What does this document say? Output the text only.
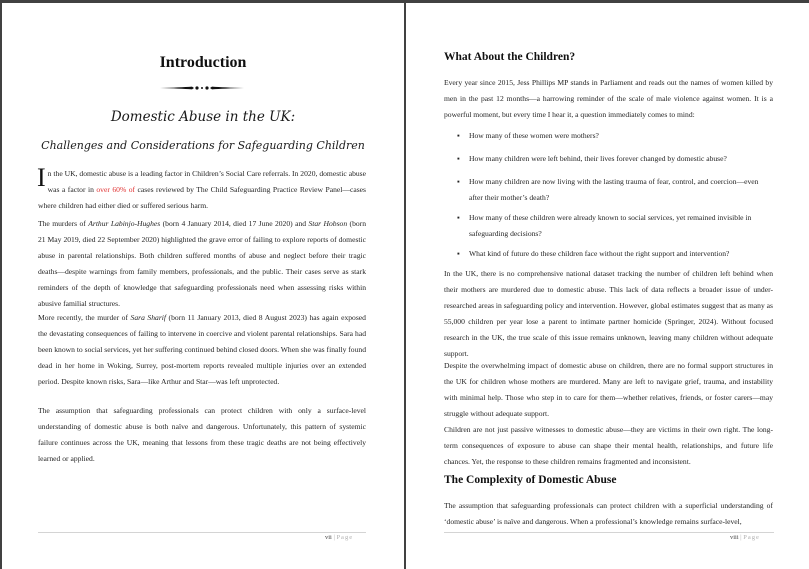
Introduction
Domestic Abuse in the UK:
Challenges and Considerations for Safeguarding Children
In the UK, domestic abuse is a leading factor in Children’s Social Care referrals. In 2020, domestic abuse was a factor in over 60% of cases reviewed by The Child Safeguarding Practice Review Panel—cases where children had either died or suffered serious harm.
The murders of Arthur Labinjo-Hughes (born 4 January 2014, died 17 June 2020) and Star Hobson (born 21 May 2019, died 22 September 2020) highlighted the grave error of failing to explore reports of domestic abuse in parental relationships. Both children suffered months of abuse and neglect before their tragic deaths—despite warnings from family members, professionals, and the public. Their cases serve as stark reminders of the depth of knowledge that safeguarding professionals need when assessing risks within abusive familial structures.
More recently, the murder of Sara Sharif (born 11 January 2013, died 8 August 2023) has again exposed the devastating consequences of failing to intervene in coercive and violent parental relationships. Sara had been known to social services, yet her suffering continued behind closed doors. When she was finally found dead in her home in Woking, Surrey, post-mortem reports revealed multiple injuries over an extended period. Despite known risks, Sara—like Arthur and Star—was left unprotected.
The assumption that safeguarding professionals can protect children with only a surface-level understanding of domestic abuse is both naïve and dangerous. Unfortunately, this pattern of systemic failure continues across the UK, meaning that lessons from these tragic deaths are not being effectively learned or applied.
vii | Page
What About the Children?
Every year since 2015, Jess Phillips MP stands in Parliament and reads out the names of women killed by men in the past 12 months—a harrowing reminder of the scale of male violence against women. It is a powerful moment, but every time I hear it, a question immediately comes to mind:
▪ How many of these women were mothers?
▪ How many children were left behind, their lives forever changed by domestic abuse?
▪ How many children are now living with the lasting trauma of fear, control, and coercion—even after their mother’s death?
▪ How many of these children were already known to social services, yet remained invisible in safeguarding decisions?
▪ What kind of future do these children face without the right support and intervention?
In the UK, there is no comprehensive national dataset tracking the number of children left behind when their mothers are murdered due to domestic abuse. This lack of data reflects a broader issue of under-researched areas in safeguarding policy and intervention. However, global estimates suggest that as many as 55,000 children per year lose a parent to intimate partner homicide (Springer, 2024). Without focused research in the UK, the true scale of this issue remains unknown, leaving many children without adequate support.
Despite the overwhelming impact of domestic abuse on children, there are no formal support structures in the UK for children whose mothers are murdered. Many are left to navigate grief, trauma, and instability with minimal help. Those who step in to care for them—whether relatives, friends, or foster carers—may struggle without adequate support.
Children are not just passive witnesses to domestic abuse—they are victims in their own right. The long-term consequences of exposure to abuse can shape their mental health, relationships, and future life chances. Yet, the response to these children remains fragmented and inconsistent.
The Complexity of Domestic Abuse
The assumption that safeguarding professionals can protect children with a superficial understanding of ‘domestic abuse’ is naïve and dangerous. When a professional’s knowledge remains surface-level,
viii | Page
